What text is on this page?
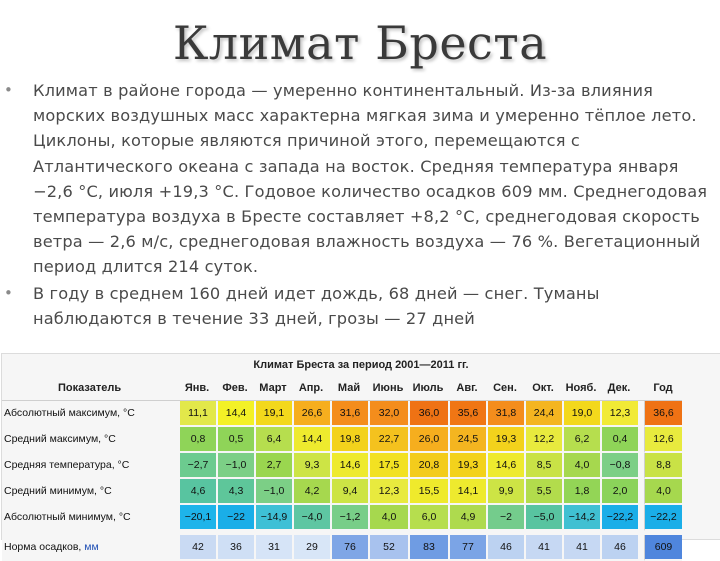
Климат Бреста
• Климат в районе города — умеренно континентальный. Из-за влияния морских воздушных масс характерна мягкая зима и умеренно тёплое лето. Циклоны, которые являются причиной этого, перемещаются с Атлантического океана с запада на восток. Средняя температура января −2,6 °C, июля +19,3 °C. Годовое количество осадков 609 мм. Среднегодовая температура воздуха в Бресте составляет +8,2 °C, среднегодовая скорость ветра — 2,6 м/с, среднегодовая влажность воздуха — 76 %. Вегетационный период длится 214 суток.
• В году в среднем 160 дней идет дождь, 68 дней — снег. Туманы наблюдаются в течение 33 дней, грозы — 27 дней
Климат Бреста за период 2001—2011 гг.
Показатель	Янв.	Фев.	Март	Апр.	Май	Июнь	Июль	Авг.	Сен.	Окт.	Нояб.	Дек.		Год
Абсолютный максимум, °C	11,1	14,4	19,1	26,6	31,6	32,0	36,0	35,6	31,8	24,4	19,0	12,3		36,6
Средний максимум, °C	0,8	0,5	6,4	14,4	19,8	22,7	26,0	24,5	19,3	12,2	6,2	0,4		12,6
Средняя температура, °C	−2,7	−1,0	2,7	9,3	14,6	17,5	20,8	19,3	14,6	8,5	4,0	−0,8		8,8
Средний минимум, °C	4,6	4,3	−1,0	4,2	9,4	12,3	15,5	14,1	9,9	5,5	1,8	2,0		4,0
Абсолютный минимум, °C	−20,1	−22	−14,9	−4,0	−1,2	4,0	6,0	4,9	−2	−5,0	−14,2	−22,2		−22,2

Норма осадков, мм	42	36	31	29	76	52	83	77	46	41	41	46		609
